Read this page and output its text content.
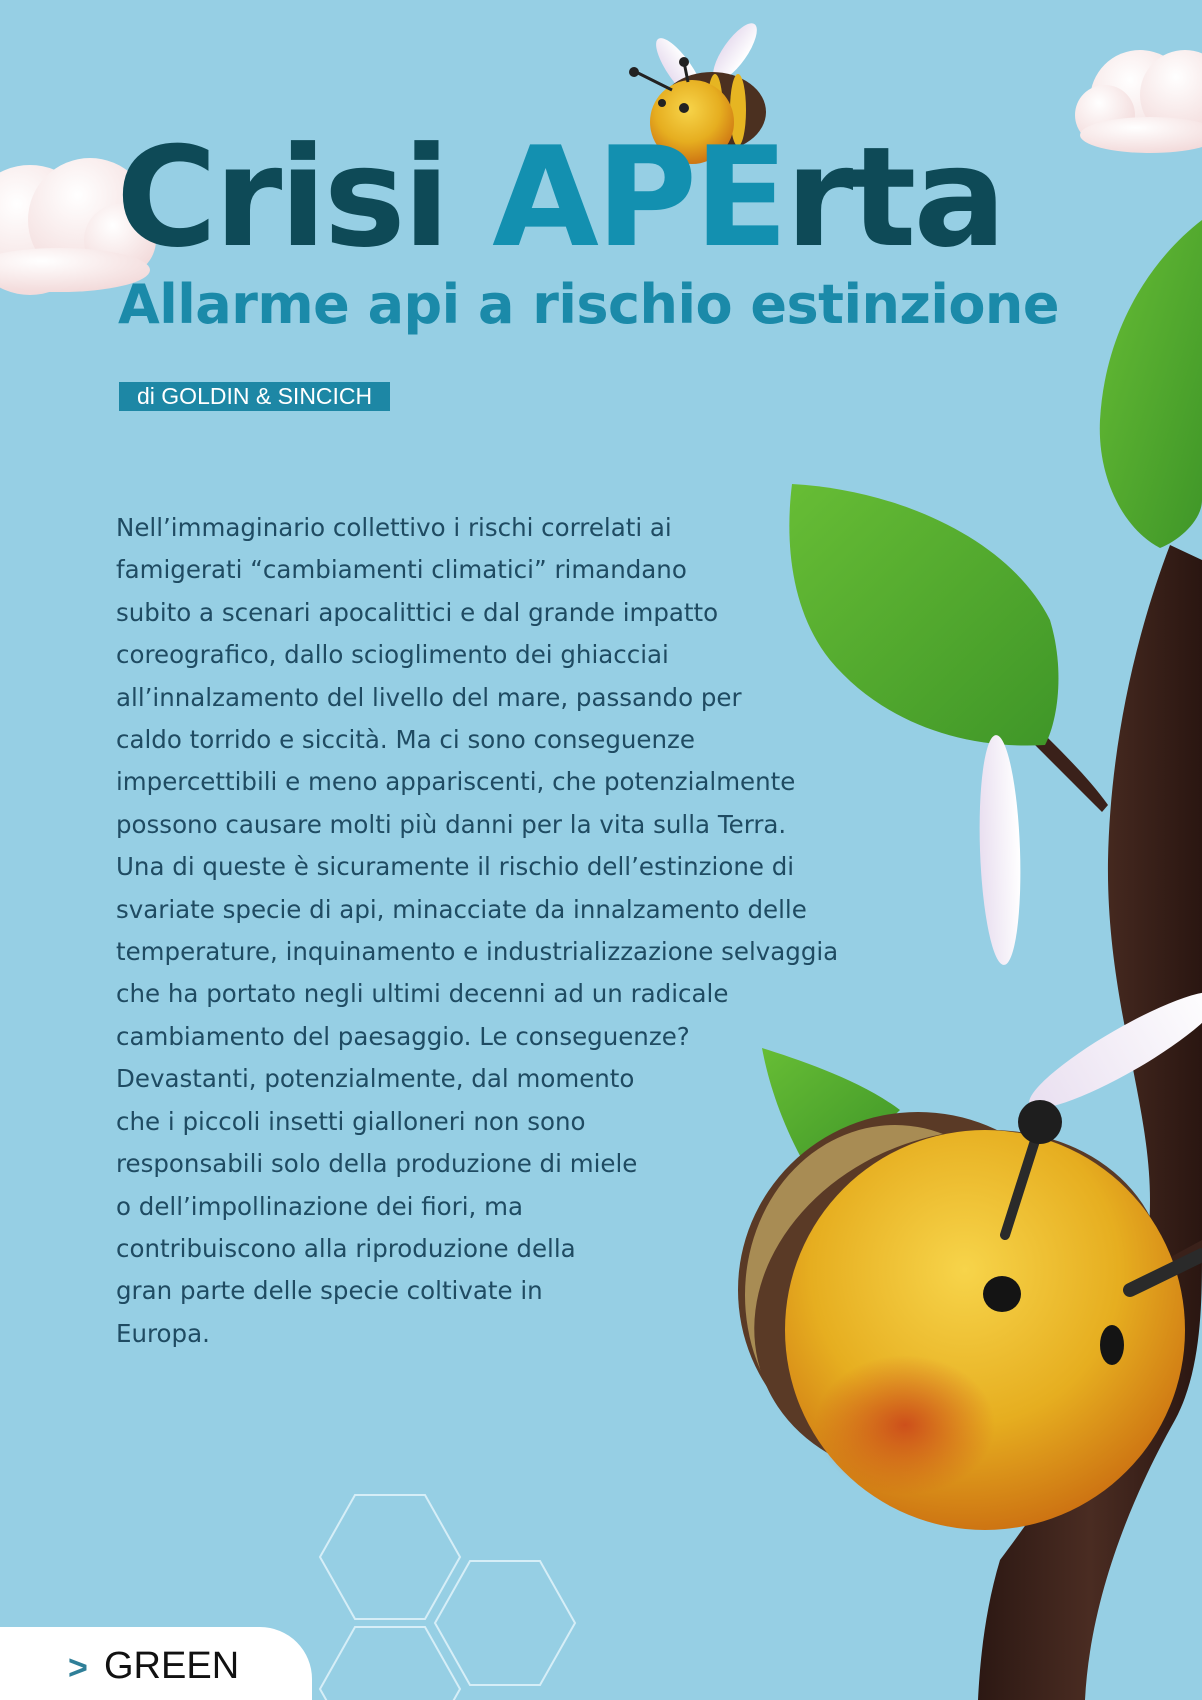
Crisi APErta
Allarme api a rischio estinzione
di GOLDIN & SINCICH

Nell’immaginario collettivo i rischi correlati ai
famigerati “cambiamenti climatici” rimandano
subito a scenari apocalittici e dal grande impatto
coreografico, dallo scioglimento dei ghiacciai
all’innalzamento del livello del mare, passando per
caldo torrido e siccità. Ma ci sono conseguenze
impercettibili e meno appariscenti, che potenzialmente
possono causare molti più danni per la vita sulla Terra.
Una di queste è sicuramente il rischio dell’estinzione di
svariate specie di api, minacciate da innalzamento delle
temperature, inquinamento e industrializzazione selvaggia
che ha portato negli ultimi decenni ad un radicale
cambiamento del paesaggio. Le conseguenze?
Devastanti, potenzialmente, dal momento
che i piccoli insetti gialloneri non sono
responsabili solo della produzione di miele
o dell’impollinazione dei fiori, ma
contribuiscono alla riproduzione della
gran parte delle specie coltivate in
Europa.

> GREEN
